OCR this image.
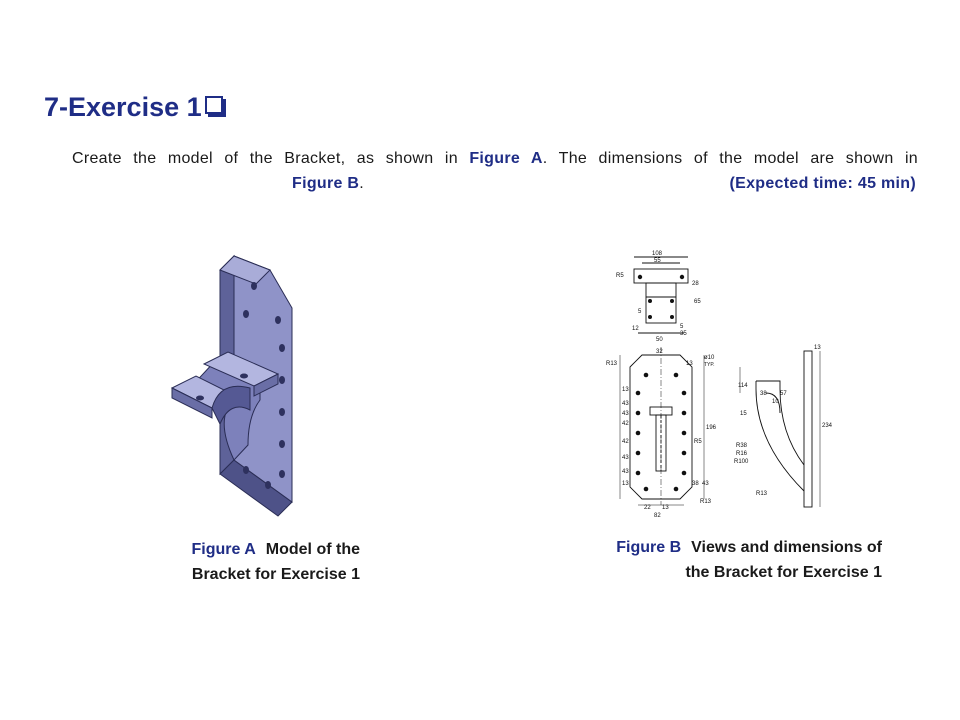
7-Exercise 1
Create the model of the Bracket, as shown in Figure A. The dimensions of the model are shown in
Figure B.	(Expected time: 45 min)
108
55
R5
28
65
5
12	5
35
50
32
13
ø10
TYP.
R13
13
43
43
42
42
43
43
13
196
R5
38 43
22 13
R13
82
13
114
38 57
10
15
234
R38
R16
R100
R13
Figure A Model of the
Bracket for Exercise 1
Figure B Views and dimensions of
the Bracket for Exercise 1
